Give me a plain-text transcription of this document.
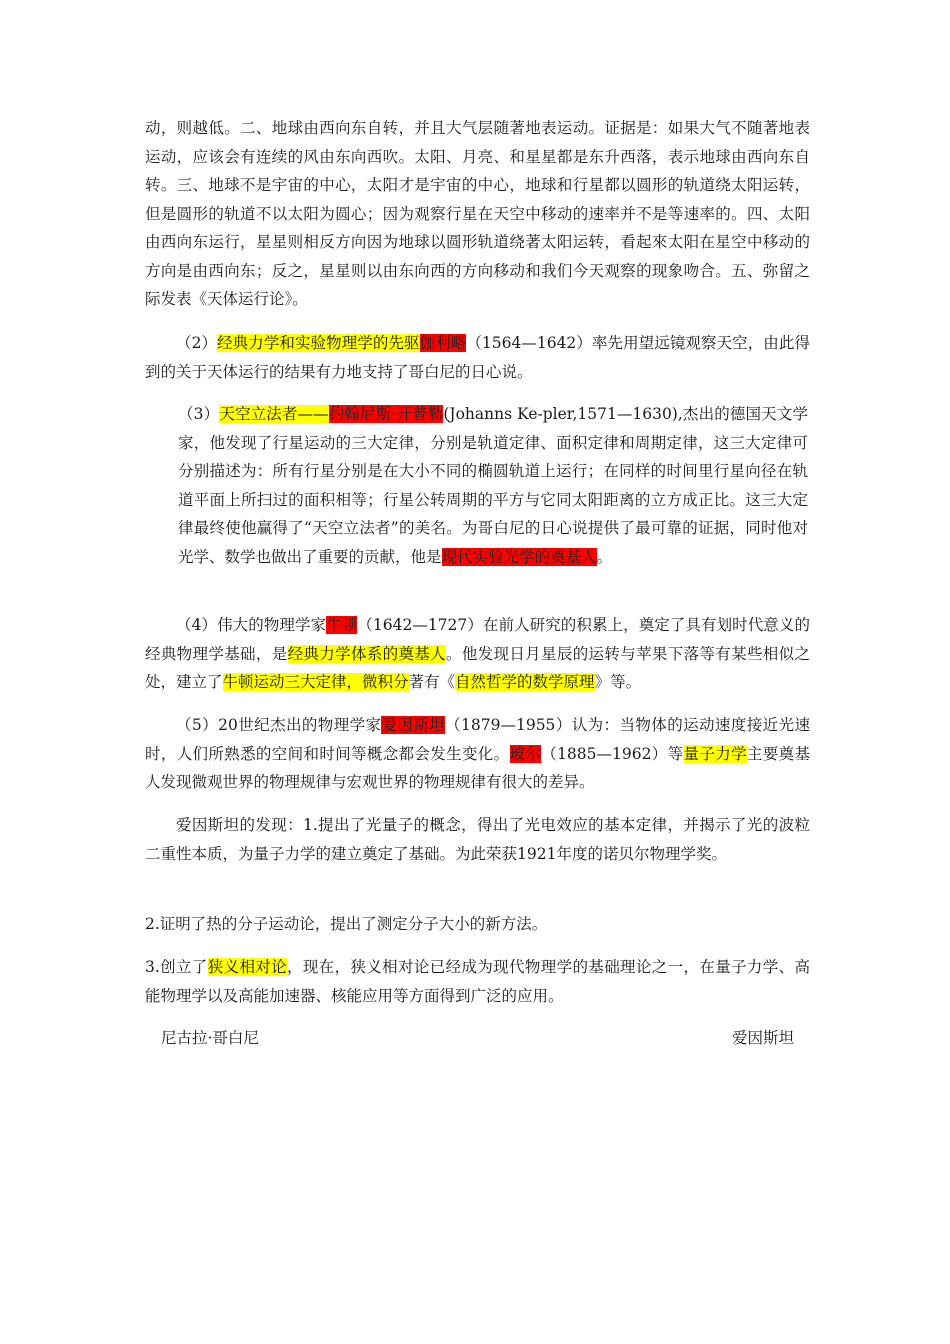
动，则越低。二、地球由西向东自转，并且大气层随著地表运动。证据是：如果大气不随著地表运动，应该会有连续的风由东向西吹。太阳、月亮、和星星都是东升西落，表示地球由西向东自转。三、地球不是宇宙的中心，太阳才是宇宙的中心，地球和行星都以圆形的轨道绕太阳运转，但是圆形的轨道不以太阳为圆心；因为观察行星在天空中移动的速率并不是等速率的。四、太阳由西向东运行，星星则相反方向因为地球以圆形轨道绕著太阳运转，看起來太阳在星空中移动的方向是由西向东；反之，星星则以由东向西的方向移动和我们今天观察的现象吻合。五、弥留之际发表《天体运行论》。

（2）经典力学和实验物理学的先驱伽利略（1564—1642）率先用望远镜观察天空，由此得到的关于天体运行的结果有力地支持了哥白尼的日心说。

（3）天空立法者——约翰尼斯·开普勒(Johanns Ke-pler,1571—1630),杰出的德国天文学家，他发现了行星运动的三大定律，分别是轨道定律、面积定律和周期定律，这三大定律可分别描述为：所有行星分别是在大小不同的椭圆轨道上运行；在同样的时间里行星向径在轨道平面上所扫过的面积相等；行星公转周期的平方与它同太阳距离的立方成正比。这三大定律最终使他赢得了“天空立法者”的美名。为哥白尼的日心说提供了最可靠的证据，同时他对光学、数学也做出了重要的贡献，他是现代实验光学的奠基人。

（4）伟大的物理学家牛顿（1642—1727）在前人研究的积累上，奠定了具有划时代意义的经典物理学基础，是经典力学体系的奠基人。他发现日月星辰的运转与苹果下落等有某些相似之处，建立了牛顿运动三大定律，微积分著有《自然哲学的数学原理》等。

（5）20世纪杰出的物理学家爱因斯坦（1879—1955）认为：当物体的运动速度接近光速时，人们所熟悉的空间和时间等概念都会发生变化。玻尔（1885—1962）等量子力学主要奠基人发现微观世界的物理规律与宏观世界的物理规律有很大的差异。

爱因斯坦的发现：1.提出了光量子的概念，得出了光电效应的基本定律，并揭示了光的波粒二重性本质，为量子力学的建立奠定了基础。为此荣获1921年度的诺贝尔物理学奖。

2.证明了热的分子运动论，提出了测定分子大小的新方法。

3.创立了狭义相对论，现在，狭义相对论已经成为现代物理学的基础理论之一，在量子力学、高能物理学以及高能加速器、核能应用等方面得到广泛的应用。

尼古拉·哥白尼	爱因斯坦
